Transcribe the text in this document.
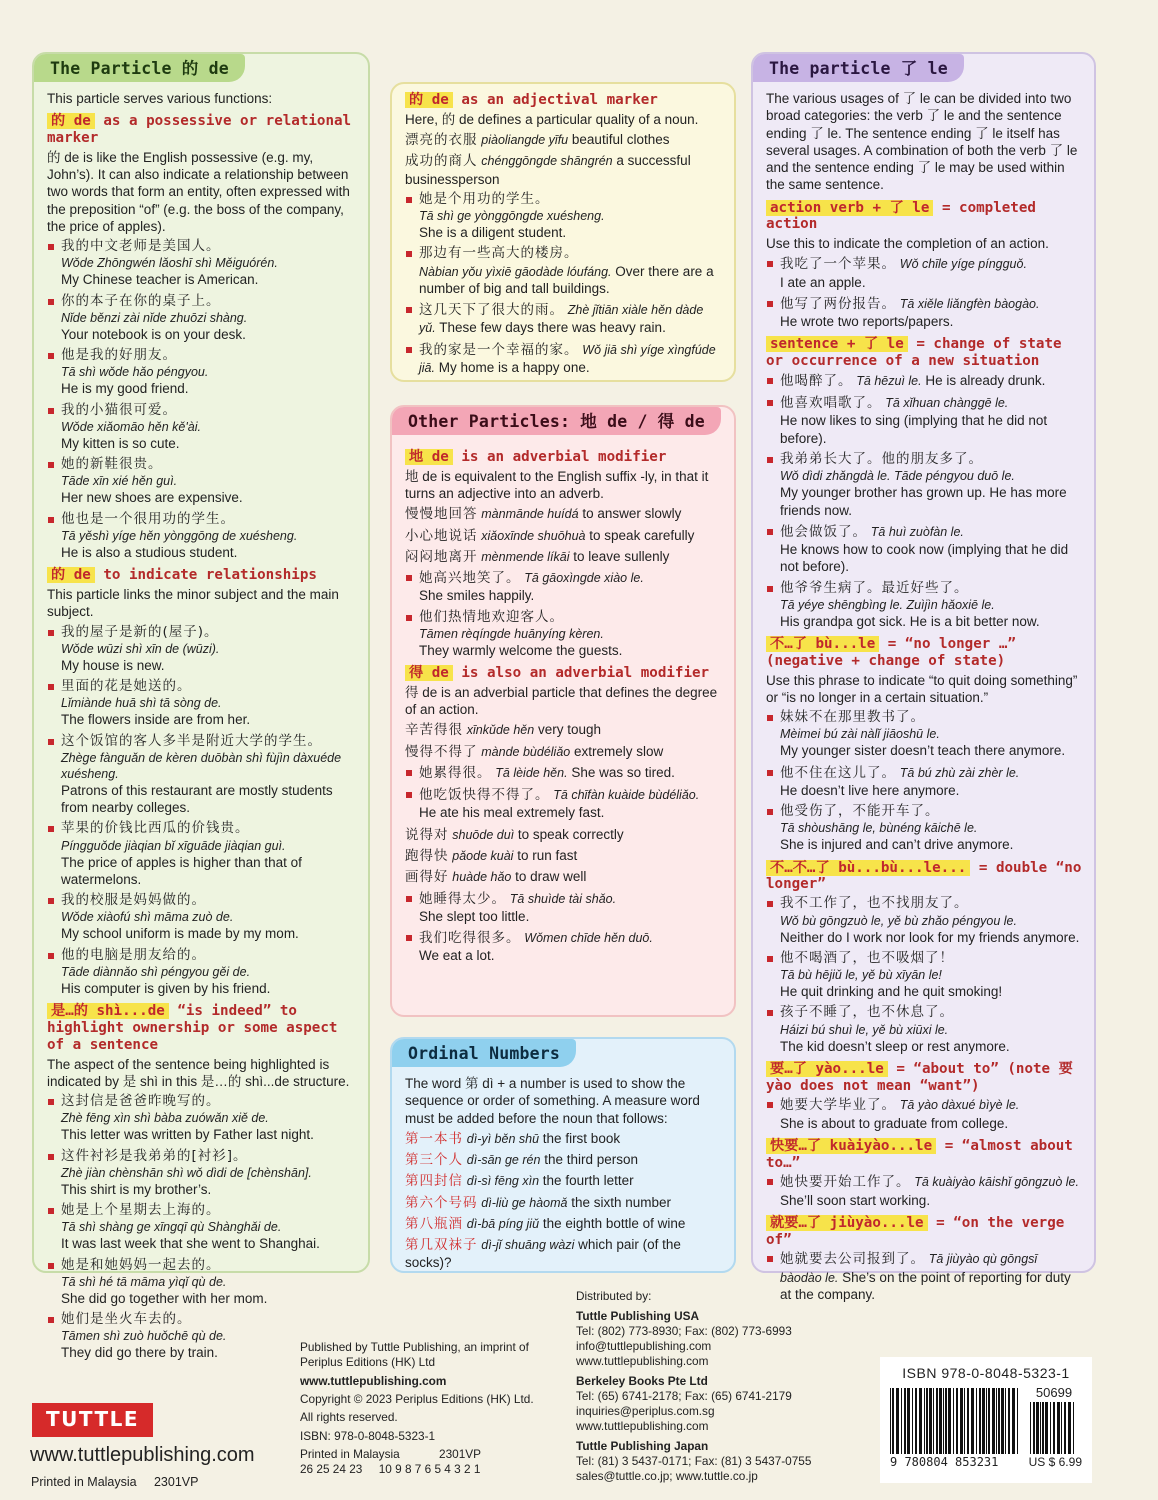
The Particle 的 de
This particle serves various functions:
的 de as a possessive or relational marker
的 de is like the English possessive (e.g. my, John’s). It can also indicate a relationship between two words that form an entity, often expressed with the preposition “of” (e.g. the boss of the company, the price of apples).
我的中文老师是美国人。
Wǒde Zhōngwén lǎoshī shì Měiguórén.
My Chinese teacher is American.
你的本子在你的桌子上。
Nǐde běnzi zài nǐde zhuōzi shàng.
Your notebook is on your desk.
他是我的好朋友。
Tā shì wǒde hǎo péngyou.
He is my good friend.
我的小猫很可爱。
Wǒde xiǎomāo hěn kě'ài.
My kitten is so cute.
她的新鞋很贵。
Tāde xīn xié hěn guì.
Her new shoes are expensive.
他也是一个很用功的学生。
Tā yěshì yíge hěn yònggōng de xuésheng.
He is also a studious student.
的 de to indicate relationships
This particle links the minor subject and the main subject.
我的屋子是新的(屋子)。
Wǒde wūzi shì xīn de (wūzi).
My house is new.
里面的花是她送的。
Lǐmiànde huā shì tā sòng de.
The flowers inside are from her.
这个饭馆的客人多半是附近大学的学生。
Zhège fànguǎn de kèren duōbàn shì fùjìn dàxuéde xuésheng.
Patrons of this restaurant are mostly students from nearby colleges.
苹果的价钱比西瓜的价钱贵。
Píngguǒde jiàqian bǐ xīguāde jiàqian guì.
The price of apples is higher than that of watermelons.
我的校服是妈妈做的。
Wǒde xiàofú shì māma zuò de.
My school uniform is made by my mom.
他的电脑是朋友给的。
Tāde diànnǎo shì péngyou gěi de.
His computer is given by his friend.
是…的 shì...de “is indeed” to highlight ownership or some aspect of a sentence
The aspect of the sentence being highlighted is indicated by 是 shì in this 是…的 shì...de structure.
这封信是爸爸昨晚写的。
Zhè fēng xìn shì bàba zuówǎn xiě de.
This letter was written by Father last night.
这件衬衫是我弟弟的[衬衫]。
Zhè jiàn chènshān shì wǒ dìdi de [chènshān].
This shirt is my brother’s.
她是上个星期去上海的。
Tā shì shàng ge xīngqī qù Shànghǎi de.
It was last week that she went to Shanghai.
她是和她妈妈一起去的。
Tā shì hé tā māma yìqǐ qù de.
She did go together with her mom.
她们是坐火车去的。
Tāmen shì zuò huǒchē qù de.
They did go there by train.
的 de as an adjectival marker
Here, 的 de defines a particular quality of a noun.
漂亮的衣服 piàoliangde yīfu beautiful clothes
成功的商人 chénggōngde shāngrén a successful businessperson
她是个用功的学生。
Tā shì ge yònggōngde xuésheng.
She is a diligent student.
那边有一些高大的楼房。
Nàbian yǒu yìxiē gāodàde lóufáng. Over there are a number of big and tall buildings.
这几天下了很大的雨。 Zhè jǐtiān xiàle hěn dàde yǔ. These few days there was heavy rain.
我的家是一个幸福的家。 Wǒ jiā shì yíge xìngfúde jiā. My home is a happy one.
Other Particles: 地 de / 得 de
地 de is an adverbial modifier
地 de is equivalent to the English suffix -ly, in that it turns an adjective into an adverb.
慢慢地回答 mànmānde huídá to answer slowly
小心地说话 xiǎoxīnde shuōhuà to speak carefully
闷闷地离开 mènmende líkāi to leave sullenly
她高兴地笑了。 Tā gāoxìngde xiào le.
She smiles happily.
他们热情地欢迎客人。
Tāmen rèqíngde huānyíng kèren.
They warmly welcome the guests.
得 de is also an adverbial modifier
得 de is an adverbial particle that defines the degree of an action.
辛苦得很 xīnkǔde hěn very tough
慢得不得了 mànde bùdéliǎo extremely slow
她累得很。 Tā lèide hěn. She was so tired.
他吃饭快得不得了。 Tā chīfàn kuàide bùdéliǎo.
He ate his meal extremely fast.
说得对 shuōde duì to speak correctly
跑得快 pǎode kuài to run fast
画得好 huàde hǎo to draw well
她睡得太少。 Tā shuìde tài shǎo.
She slept too little.
我们吃得很多。 Wǒmen chīde hěn duō.
We eat a lot.
Ordinal Numbers
The word 第 dì + a number is used to show the sequence or order of something. A measure word must be added before the noun that follows:
第一本书 dì-yì běn shū the first book
第三个人 dì-sān ge rén the third person
第四封信 dì-sì fēng xìn the fourth letter
第六个号码 dì-liù ge hàomǎ the sixth number
第八瓶酒 dì-bā píng jiǔ the eighth bottle of wine
第几双袜子 dì-jǐ shuāng wàzi which pair (of the socks)?
The particle 了 le
The various usages of 了 le can be divided into two broad categories: the verb 了 le and the sentence ending 了 le. The sentence ending 了 le itself has several usages. A combination of both the verb 了 le and the sentence ending 了 le may be used within the same sentence.
action verb + 了 le = completed action
Use this to indicate the completion of an action.
我吃了一个苹果。 Wǒ chīle yíge píngguǒ.
I ate an apple.
他写了两份报告。 Tā xiěle liǎngfèn bàogào.
He wrote two reports/papers.
sentence + 了 le = change of state or occurrence of a new situation
他喝醉了。 Tā hēzuì le. He is already drunk.
他喜欢唱歌了。 Tā xǐhuan chànggē le.
He now likes to sing (implying that he did not before).
我弟弟长大了。他的朋友多了。
Wǒ dìdi zhǎngdà le. Tāde péngyou duō le.
My younger brother has grown up. He has more friends now.
他会做饭了。 Tā huì zuòfàn le.
He knows how to cook now (implying that he did not before).
他爷爷生病了。最近好些了。
Tā yéye shēngbìng le. Zuìjìn hǎoxiē le.
His grandpa got sick. He is a bit better now.
不…了 bù...le = “no longer …” (negative + change of state)
Use this phrase to indicate “to quit doing something” or “is no longer in a certain situation.”
妹妹不在那里教书了。
Mèimei bú zài nàlǐ jiāoshū le.
My younger sister doesn’t teach there anymore.
他不住在这儿了。 Tā bú zhù zài zhèr le.
He doesn’t live here anymore.
他受伤了，不能开车了。
Tā shòushāng le, bùnéng kāichē le.
She is injured and can’t drive anymore.
不…不…了 bù...bù...le... = double “no longer”
我不工作了，也不找朋友了。
Wǒ bù gōngzuò le, yě bù zhǎo péngyou le.
Neither do I work nor look for my friends anymore.
他不喝酒了，也不吸烟了！
Tā bù hējiǔ le, yě bù xīyān le!
He quit drinking and he quit smoking!
孩子不睡了，也不休息了。
Háizi bú shuì le, yě bù xiūxi le.
The kid doesn’t sleep or rest anymore.
要…了 yào...le = “about to” (note 要 yào does not mean “want”)
她要大学毕业了。 Tā yào dàxué bìyè le.
She is about to graduate from college.
快要…了 kuàiyào...le = “almost about to…”
她快要开始工作了。 Tā kuàiyào kāishǐ gōngzuò le. She’ll soon start working.
就要…了 jiùyào...le = “on the verge of”
她就要去公司报到了。 Tā jiùyào qù gōngsī bàodào le. She’s on the point of reporting for duty at the company.
TUTTLE
www.tuttlepublishing.com
Printed in Malaysia 2301VP
Published by Tuttle Publishing, an imprint of Periplus Editions (HK) Ltd
www.tuttlepublishing.com
Copyright © 2023 Periplus Editions (HK) Ltd.
All rights reserved.
ISBN: 978-0-8048-5323-1
Printed in Malaysia	2301VP
26 25 24 23     10 9 8 7 6 5 4 3 2 1
Distributed by:
Tuttle Publishing USA
Tel: (802) 773-8930; Fax: (802) 773-6993
info@tuttlepublishing.com
www.tuttlepublishing.com
Berkeley Books Pte Ltd
Tel: (65) 6741-2178; Fax: (65) 6741-2179
inquiries@periplus.com.sg
www.tuttlepublishing.com
Tuttle Publishing Japan
Tel: (81) 3 5437-0171; Fax: (81) 3 5437-0755
sales@tuttle.co.jp; www.tuttle.co.jp
ISBN 978-0-8048-5323-1
50699
9 780804 853231	US $ 6.99
